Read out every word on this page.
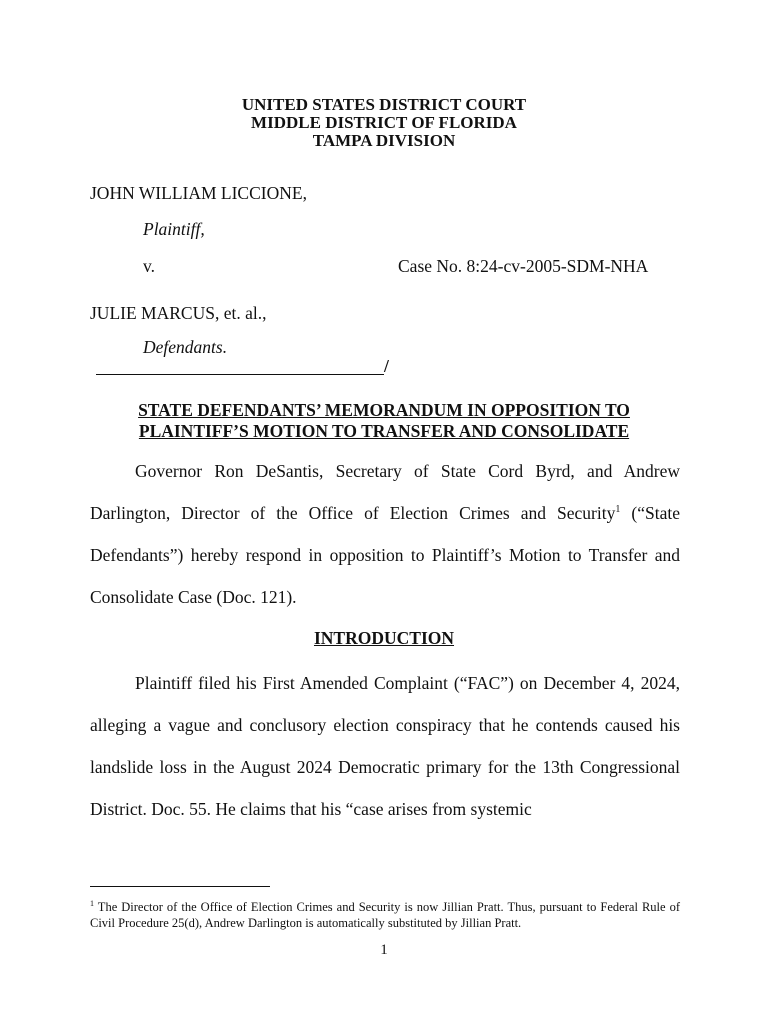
UNITED STATES DISTRICT COURT
MIDDLE DISTRICT OF FLORIDA
TAMPA DIVISION
JOHN WILLIAM LICCIONE,
Plaintiff,
v.	Case No. 8:24-cv-2005-SDM-NHA
JULIE MARCUS, et. al.,
Defendants.
/
STATE DEFENDANTS’ MEMORANDUM IN OPPOSITION TO
PLAINTIFF’S MOTION TO TRANSFER AND CONSOLIDATE
Governor Ron DeSantis, Secretary of State Cord Byrd, and Andrew Darlington, Director of the Office of Election Crimes and Security$^1$ (“State Defendants”) hereby respond in opposition to Plaintiff’s Motion to Transfer and Consolidate Case (Doc. 121).
INTRODUCTION
Plaintiff filed his First Amended Complaint (“FAC”) on December 4, 2024, alleging a vague and conclusory election conspiracy that he contends caused his landslide loss in the August 2024 Democratic primary for the 13th Congressional District. Doc. 55. He claims that his “case arises from systemic
$^1$ The Director of the Office of Election Crimes and Security is now Jillian Pratt. Thus, pursuant to Federal Rule of Civil Procedure 25(d), Andrew Darlington is automatically substituted by Jillian Pratt.
1
